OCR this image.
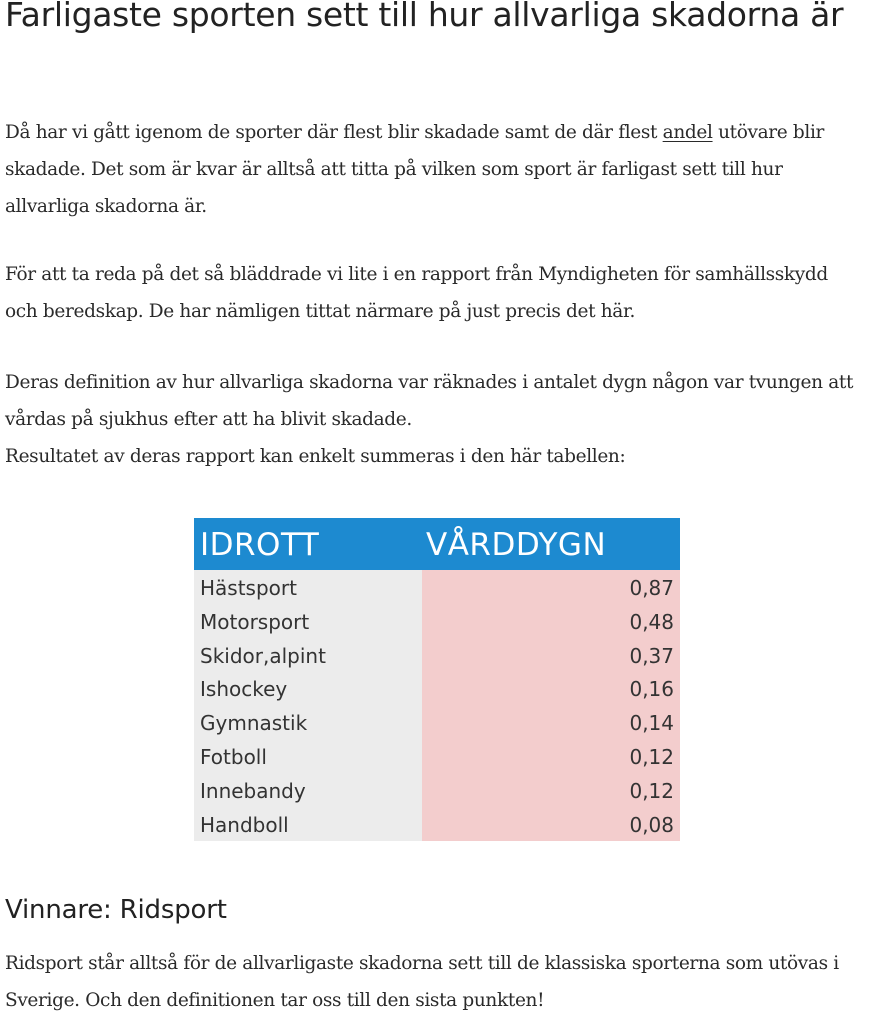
Farligaste sporten sett till hur allvarliga skadorna är

Då har vi gått igenom de sporter där flest blir skadade samt de där flest andel utövare blir skadade. Det som är kvar är alltså att titta på vilken som sport är farligast sett till hur allvarliga skadorna är.

För att ta reda på det så bläddrade vi lite i en rapport från Myndigheten för samhällsskydd och beredskap. De har nämligen tittat närmare på just precis det här.

Deras definition av hur allvarliga skadorna var räknades i antalet dygn någon var tvungen att vårdas på sjukhus efter att ha blivit skadade.
Resultatet av deras rapport kan enkelt summeras i den här tabellen:
Vinnare: Ridsport

Ridsport står alltså för de allvarligaste skadorna sett till de klassiska sporterna som utövas i Sverige. Och den definitionen tar oss till den sista punkten!

IDROTT	VÅRDDYGN
Hästsport	0,87
Motorsport	0,48
Skidor,alpint	0,37
Ishockey	0,16
Gymnastik	0,14
Fotboll	0,12
Innebandy	0,12
Handboll	0,08
